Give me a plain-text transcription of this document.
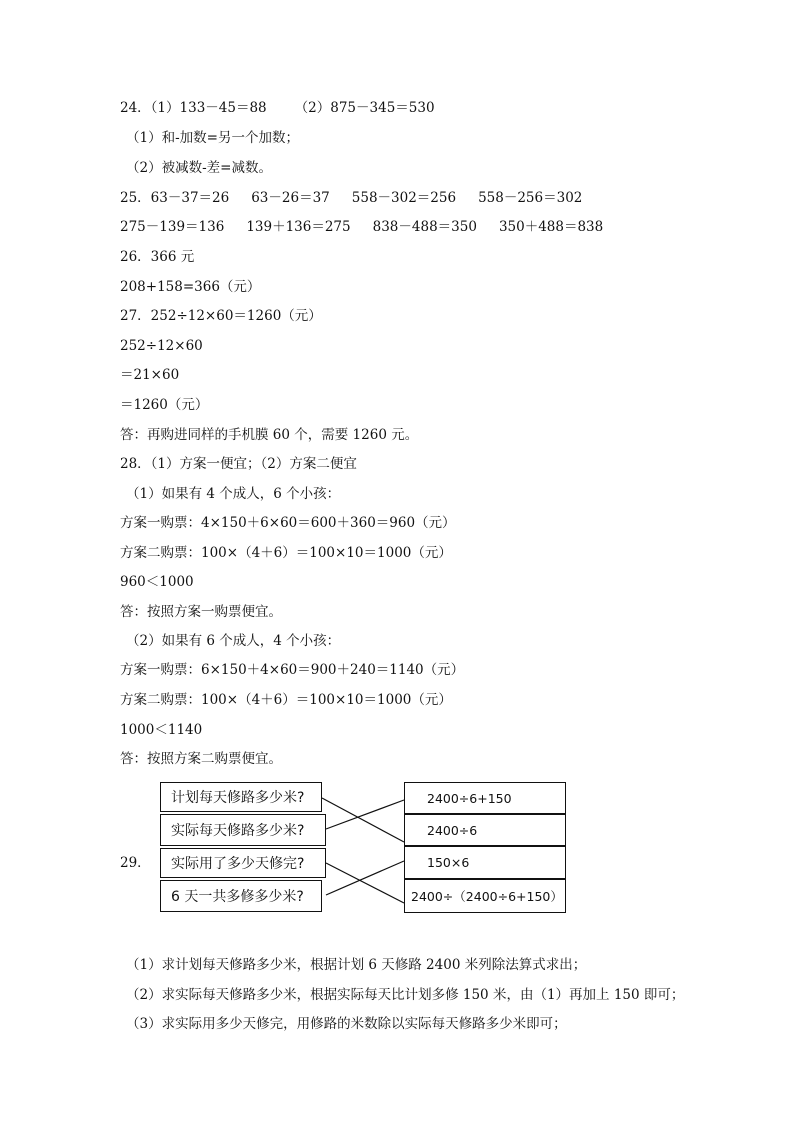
24．（1）133－45＝88 （2）875－345＝530
（1）和-加数=另一个加数；
（2）被减数-差=减数。
25．63－37＝26 63－26＝37 558－302＝256 558－256＝302
275－139＝136 139＋136＝275 838－488＝350 350＋488＝838
26．366 元
208+158=366（元）
27．252÷12×60＝1260（元）
252÷12×60
＝21×60
＝1260（元）
答：再购进同样的手机膜 60 个，需要 1260 元。
28．（1）方案一便宜；（2）方案二便宜
（1）如果有 4 个成人，6 个小孩：
方案一购票：4×150＋6×60＝600＋360＝960（元）
方案二购票：100×（4＋6）＝100×10＝1000（元）
960＜1000
答：按照方案一购票便宜。
（2）如果有 6 个成人，4 个小孩：
方案一购票：6×150＋4×60＝900＋240＝1140（元）
方案二购票：100×（4＋6）＝100×10＝1000（元）
1000＜1140
答：按照方案二购票便宜。
29．
计划每天修路多少米?
实际每天修路多少米?
实际用了多少天修完?
6 天一共多修多少米?
2400÷6+150
2400÷6
150×6
2400÷（2400÷6+150）
（1）求计划每天修路多少米，根据计划 6 天修路 2400 米列除法算式求出；
（2）求实际每天修路多少米，根据实际每天比计划多修 150 米，由（1）再加上 150 即可；
（3）求实际用多少天修完，用修路的米数除以实际每天修路多少米即可；
